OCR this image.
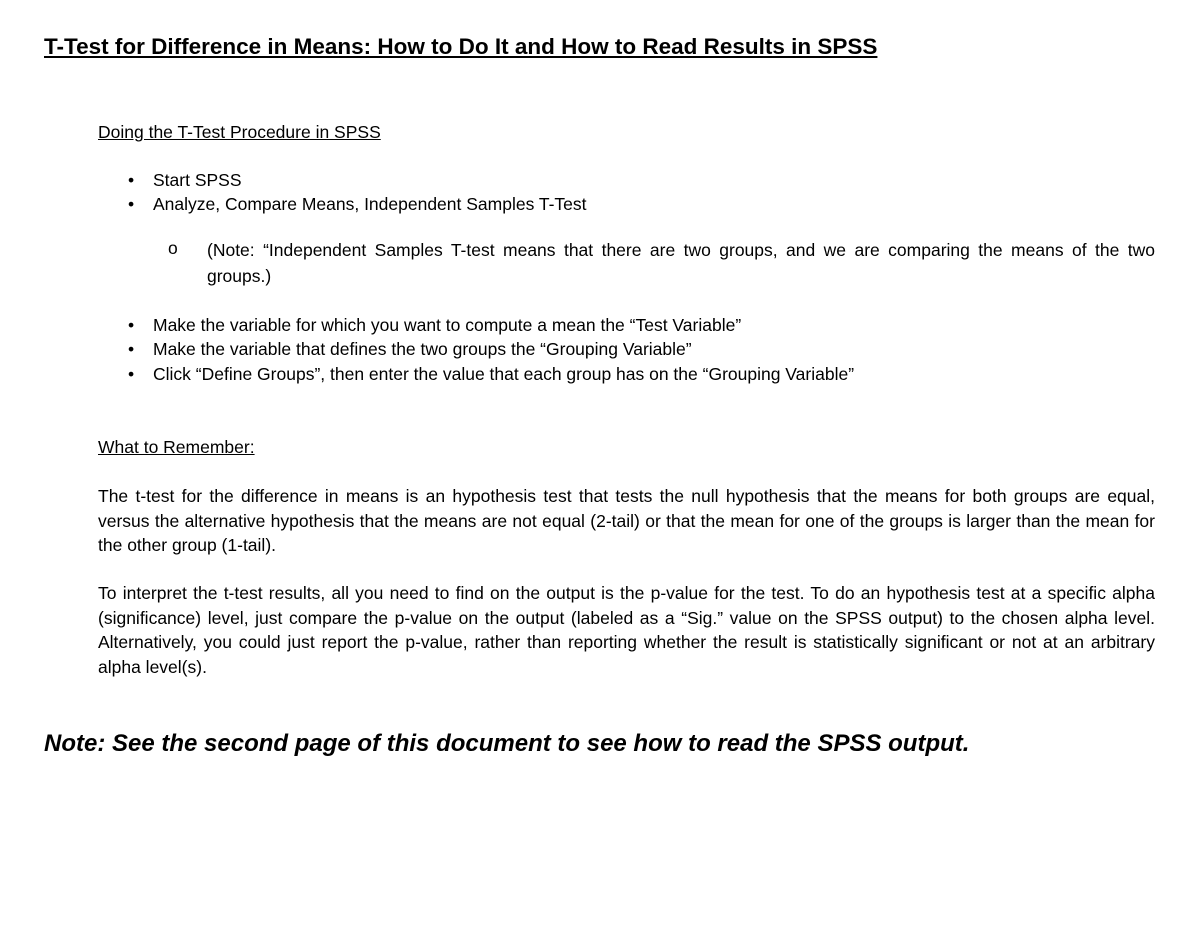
T-Test for Difference in Means: How to Do It and How to Read Results in SPSS
Doing the T-Test Procedure in SPSS
• Start SPSS
• Analyze, Compare Means, Independent Samples T-Test
o	(Note: “Independent Samples T-test means that there are two groups, and we are comparing the means of the two groups.)
• Make the variable for which you want to compute a mean the “Test Variable”
• Make the variable that defines the two groups the “Grouping Variable”
• Click “Define Groups”, then enter the value that each group has on the “Grouping Variable”
What to Remember:
The t-test for the difference in means is an hypothesis test that tests the null hypothesis that the means for both groups are equal, versus the alternative hypothesis that the means are not equal (2-tail) or that the mean for one of the groups is larger than the mean for the other group (1-tail).
To interpret the t-test results, all you need to find on the output is the p-value for the test. To do an hypothesis test at a specific alpha (significance) level, just compare the p-value on the output (labeled as a “Sig.” value on the SPSS output) to the chosen alpha level. Alternatively, you could just report the p-value, rather than reporting whether the result is statistically significant or not at an arbitrary alpha level(s).
Note: See the second page of this document to see how to read the SPSS output.
